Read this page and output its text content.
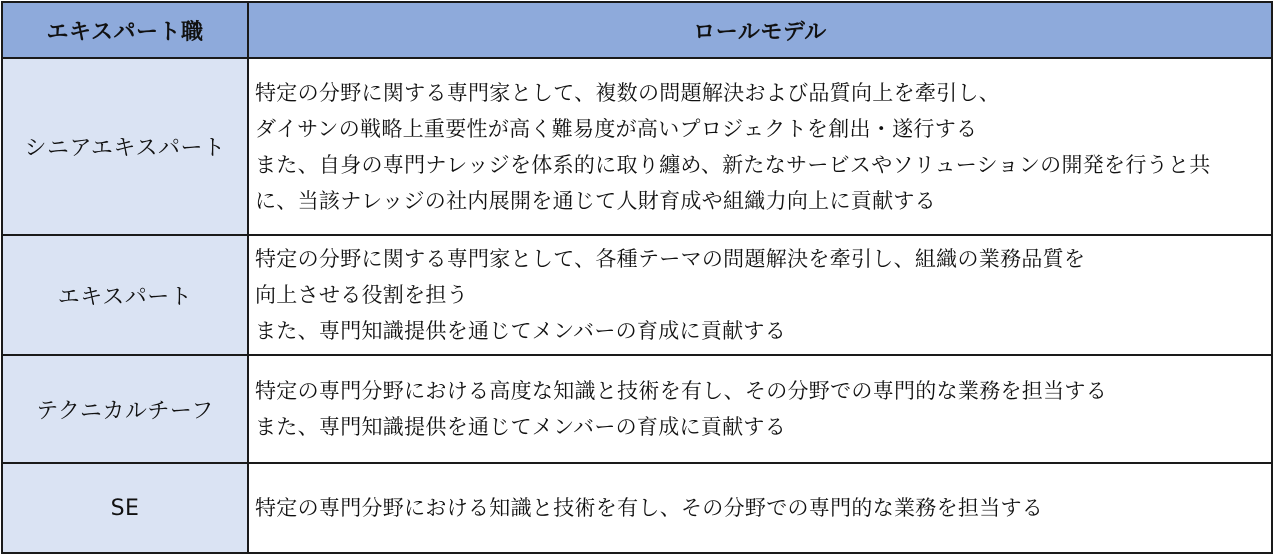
エキスパート職	ロールモデル
シニアエキスパート	特定の分野に関する専門家として、複数の問題解決および品質向上を牽引し、
ダイサンの戦略上重要性が高く難易度が高いプロジェクトを創出・遂行する
また、自身の専門ナレッジを体系的に取り纏め、新たなサービスやソリューションの開発を行うと共
に、当該ナレッジの社内展開を通じて人財育成や組織力向上に貢献する

エキスパート	特定の分野に関する専門家として、各種テーマの問題解決を牽引し、組織の業務品質を
向上させる役割を担う
また、専門知識提供を通じてメンバーの育成に貢献する

テクニカルチーフ	特定の専門分野における高度な知識と技術を有し、その分野での専門的な業務を担当する
また、専門知識提供を通じてメンバーの育成に貢献する

SE	特定の専門分野における知識と技術を有し、その分野での専門的な業務を担当する
